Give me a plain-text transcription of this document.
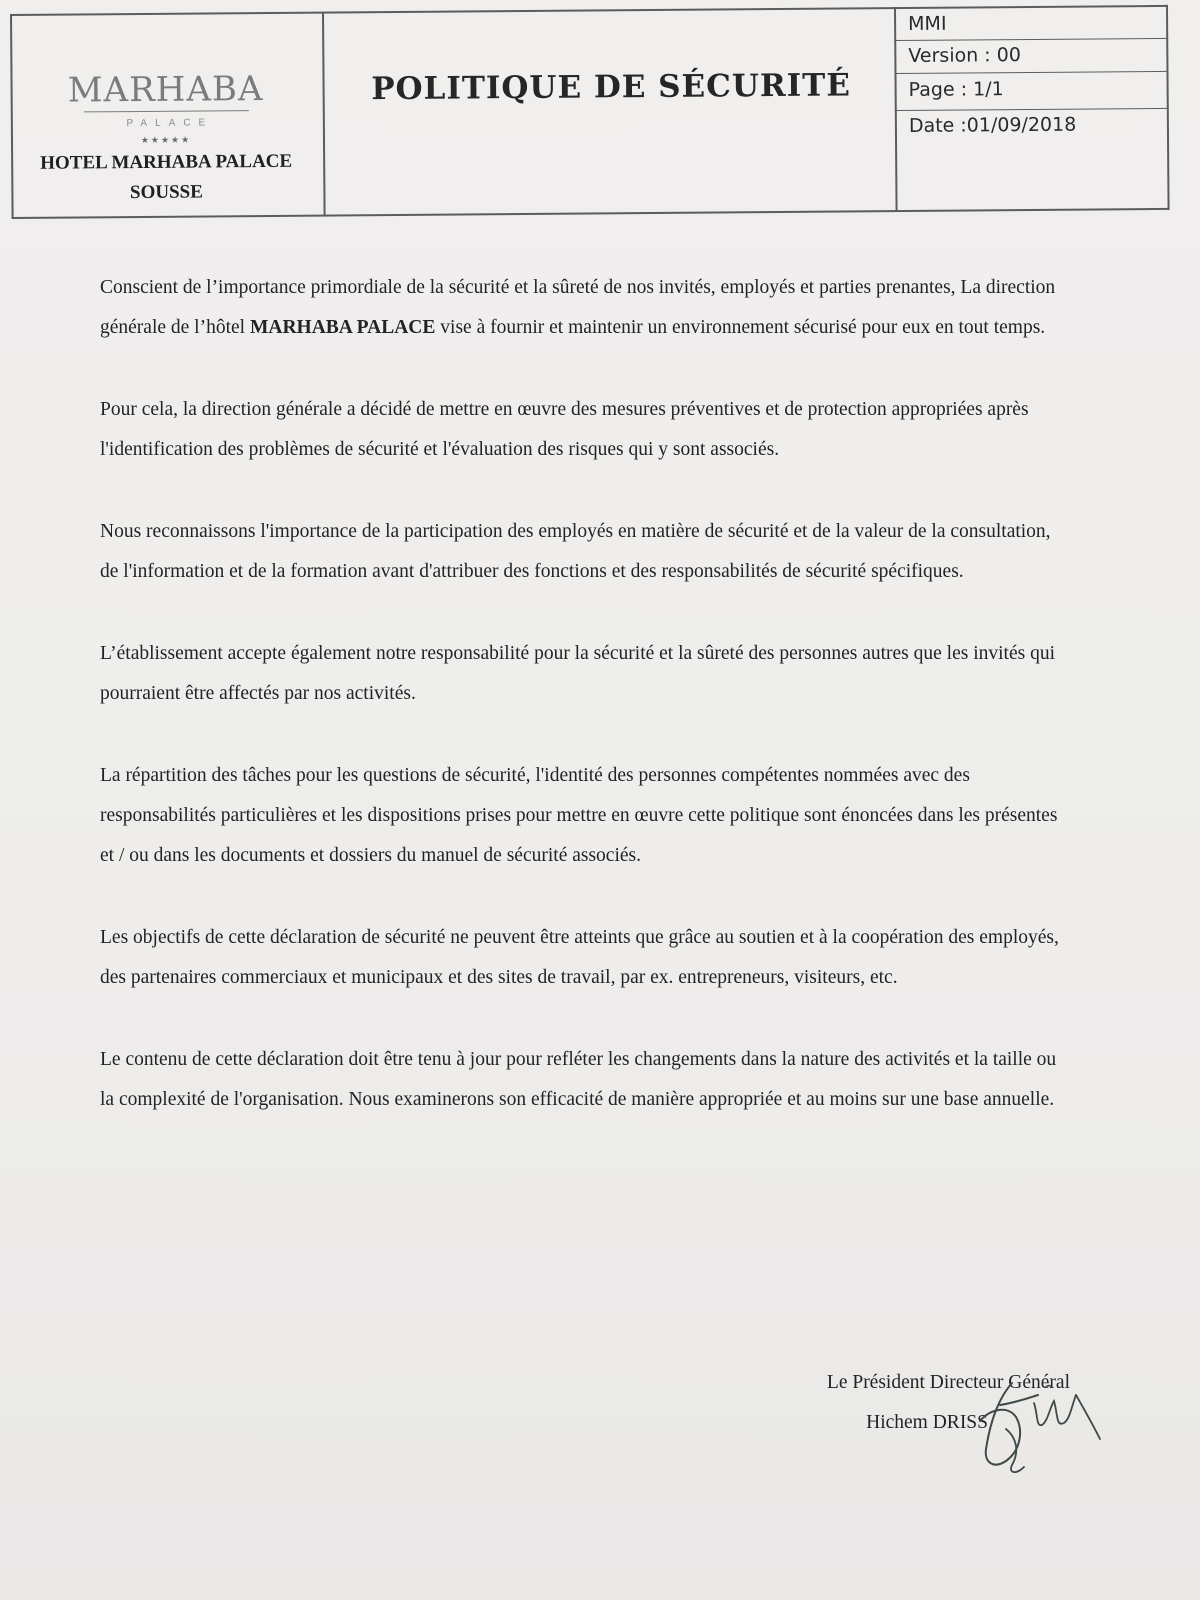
MARHABA
PALACE
★★★★★
HOTEL MARHABA PALACE
SOUSSE
POLITIQUE DE SÉCURITÉ
MMI
Version : 00
Page : 1/1
Date :01/09/2018

Conscient de l’importance primordiale de la sécurité et la sûreté de nos invités, employés et parties prenantes, La direction générale de l’hôtel MARHABA PALACE vise à fournir et maintenir un environnement sécurisé pour eux en tout temps.

Pour cela, la direction générale a décidé de mettre en œuvre des mesures préventives et de protection appropriées après l'identification des problèmes de sécurité et l'évaluation des risques qui y sont associés.

Nous reconnaissons l'importance de la participation des employés en matière de sécurité et de la valeur de la consultation, de l'information et de la formation avant d'attribuer des fonctions et des responsabilités de sécurité spécifiques.

L’établissement accepte également notre responsabilité pour la sécurité et la sûreté des personnes autres que les invités qui pourraient être affectés par nos activités.

La répartition des tâches pour les questions de sécurité, l'identité des personnes compétentes nommées avec des responsabilités particulières et les dispositions prises pour mettre en œuvre cette politique sont énoncées dans les présentes et / ou dans les documents et dossiers du manuel de sécurité associés.

Les objectifs de cette déclaration de sécurité ne peuvent être atteints que grâce au soutien et à la coopération des employés, des partenaires commerciaux et municipaux et des sites de travail, par ex. entrepreneurs, visiteurs, etc.

Le contenu de cette déclaration doit être tenu à jour pour refléter les changements dans la nature des activités et la taille ou la complexité de l'organisation. Nous examinerons son efficacité de manière appropriée et au moins sur une base annuelle.

Le Président Directeur Général
Hichem DRISS
